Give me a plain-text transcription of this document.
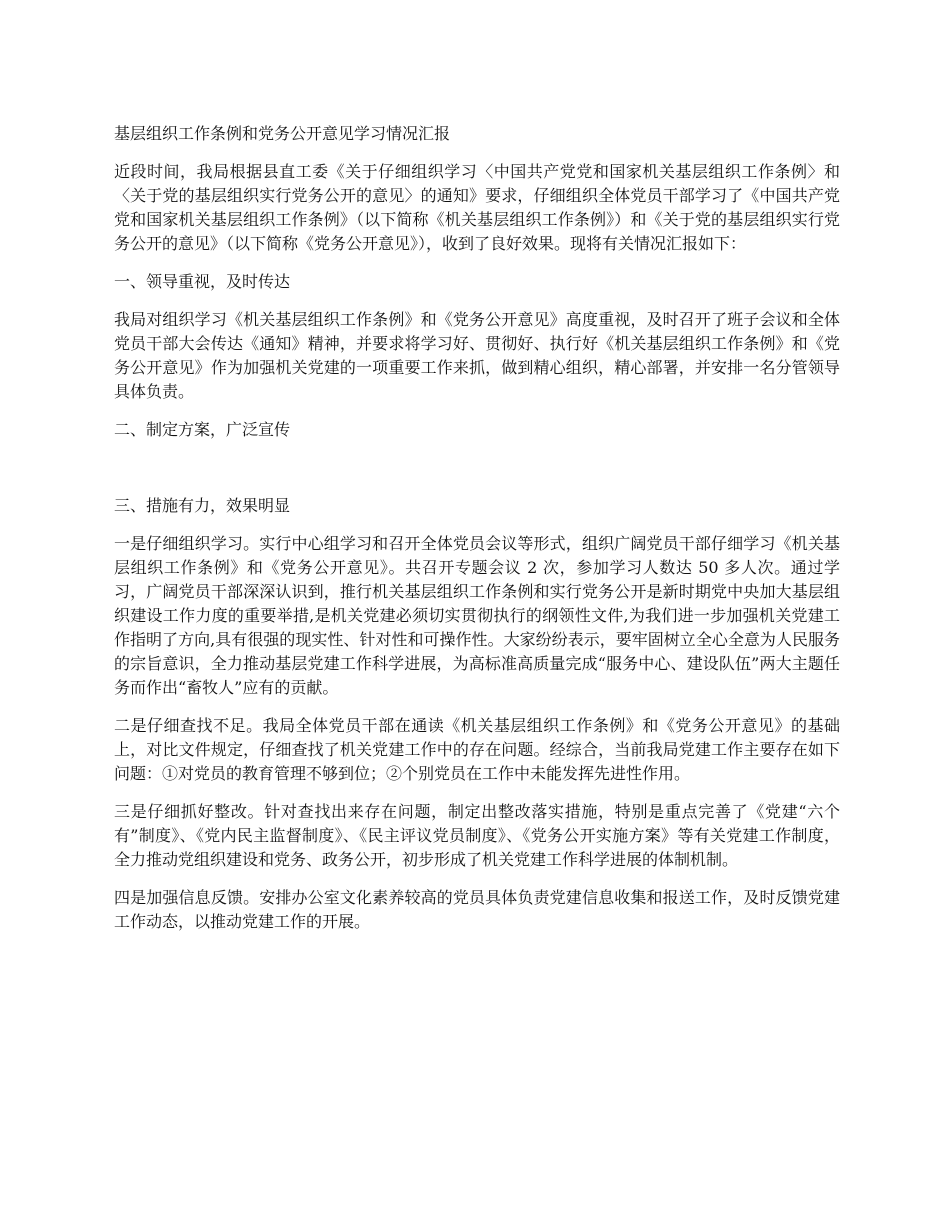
基层组织工作条例和党务公开意见学习情况汇报

近段时间，我局根据县直工委《关于仔细组织学习〈中国共产党党和国家机关基层组织工作条例〉和〈关于党的基层组织实行党务公开的意见〉的通知》要求，仔细组织全体党员干部学习了《中国共产党党和国家机关基层组织工作条例》（以下简称《机关基层组织工作条例》）和《关于党的基层组织实行党务公开的意见》（以下简称《党务公开意见》），收到了良好效果。现将有关情况汇报如下：

一、领导重视，及时传达

我局对组织学习《机关基层组织工作条例》和《党务公开意见》高度重视，及时召开了班子会议和全体党员干部大会传达《通知》精神，并要求将学习好、贯彻好、执行好《机关基层组织工作条例》和《党务公开意见》作为加强机关党建的一项重要工作来抓，做到精心组织，精心部署，并安排一名分管领导具体负责。

二、制定方案，广泛宣传
三、措施有力，效果明显

一是仔细组织学习。实行中心组学习和召开全体党员会议等形式，组织广阔党员干部仔细学习《机关基层组织工作条例》和《党务公开意见》。共召开专题会议 2 次，参加学习人数达 50 多人次。通过学习，广阔党员干部深深认识到，推行机关基层组织工作条例和实行党务公开是新时期党中央加大基层组织建设工作力度的重要举措,是机关党建必须切实贯彻执行的纲领性文件,为我们进一步加强机关党建工作指明了方向,具有很强的现实性、针对性和可操作性。大家纷纷表示，要牢固树立全心全意为人民服务的宗旨意识，全力推动基层党建工作科学进展，为高标准高质量完成“服务中心、建设队伍”两大主题任务而作出“畜牧人”应有的贡献。

二是仔细查找不足。我局全体党员干部在通读《机关基层组织工作条例》和《党务公开意见》的基础上，对比文件规定，仔细查找了机关党建工作中的存在问题。经综合，当前我局党建工作主要存在如下问题：①对党员的教育管理不够到位；②个别党员在工作中未能发挥先进性作用。

三是仔细抓好整改。针对查找出来存在问题，制定出整改落实措施，特别是重点完善了《党建“六个有”制度》、《党内民主监督制度》、《民主评议党员制度》、《党务公开实施方案》等有关党建工作制度，全力推动党组织建设和党务、政务公开，初步形成了机关党建工作科学进展的体制机制。

四是加强信息反馈。安排办公室文化素养较高的党员具体负责党建信息收集和报送工作，及时反馈党建工作动态，以推动党建工作的开展。
